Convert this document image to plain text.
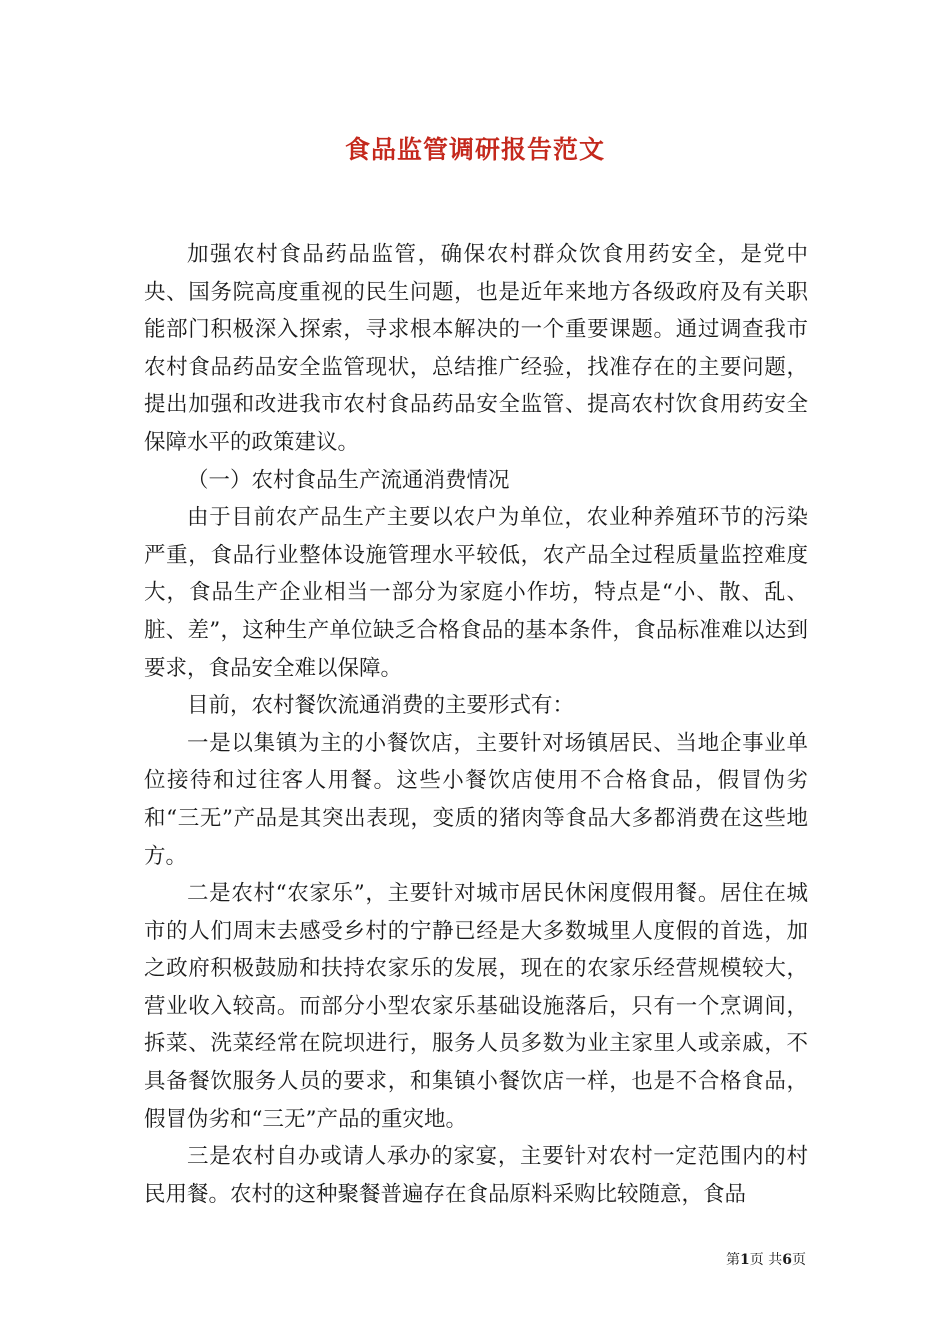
食品监管调研报告范文

加强农村食品药品监管，确保农村群众饮食用药安全，是党中央、国务院高度重视的民生问题，也是近年来地方各级政府及有关职能部门积极深入探索，寻求根本解决的一个重要课题。通过调查我市农村食品药品安全监管现状，总结推广经验，找准存在的主要问题，提出加强和改进我市农村食品药品安全监管、提高农村饮食用药安全保障水平的政策建议。

（一）农村食品生产流通消费情况

由于目前农产品生产主要以农户为单位，农业种养殖环节的污染严重，食品行业整体设施管理水平较低，农产品全过程质量监控难度大，食品生产企业相当一部分为家庭小作坊，特点是“小、散、乱、脏、差”，这种生产单位缺乏合格食品的基本条件，食品标准难以达到要求，食品安全难以保障。

目前，农村餐饮流通消费的主要形式有：

一是以集镇为主的小餐饮店，主要针对场镇居民、当地企事业单位接待和过往客人用餐。这些小餐饮店使用不合格食品，假冒伪劣和“三无”产品是其突出表现，变质的猪肉等食品大多都消费在这些地方。

二是农村“农家乐”，主要针对城市居民休闲度假用餐。居住在城市的人们周末去感受乡村的宁静已经是大多数城里人度假的首选，加之政府积极鼓励和扶持农家乐的发展，现在的农家乐经营规模较大，营业收入较高。而部分小型农家乐基础设施落后，只有一个烹调间，拆菜、洗菜经常在院坝进行，服务人员多数为业主家里人或亲戚，不具备餐饮服务人员的要求，和集镇小餐饮店一样，也是不合格食品，假冒伪劣和“三无”产品的重灾地。

三是农村自办或请人承办的家宴，主要针对农村一定范围内的村民用餐。农村的这种聚餐普遍存在食品原料采购比较随意，食品

第1页 共6页
